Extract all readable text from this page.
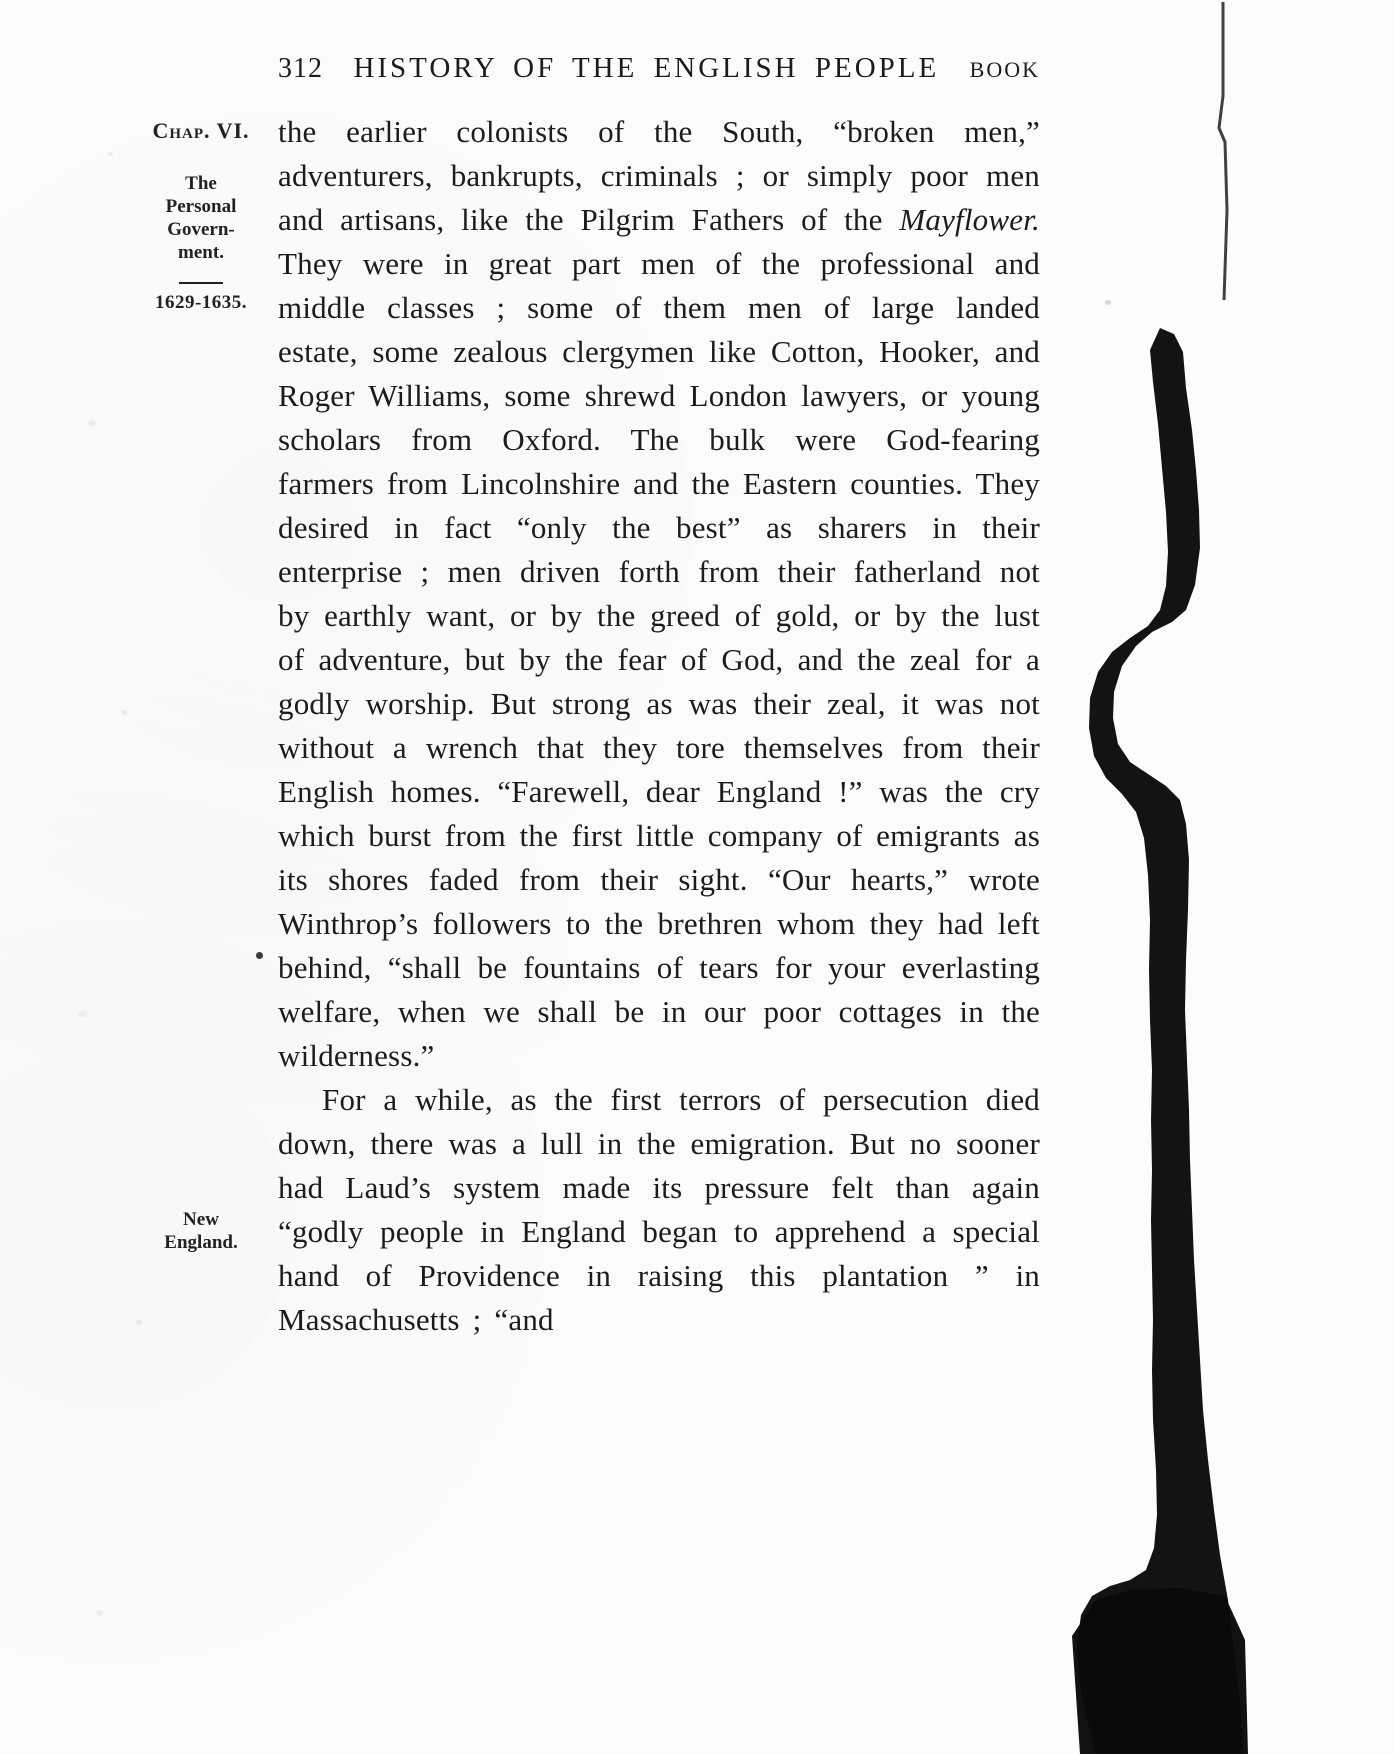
312 HISTORY OF THE ENGLISH PEOPLE BOOK
Chap. VI.
The
Personal
Govern-
ment.
1629-1635.
New
England.

the earlier colonists of the South, “broken men,” adventurers, bankrupts, criminals ; or simply poor men and artisans, like the Pilgrim Fathers of the Mayflower. They were in great part men of the professional and middle classes ; some of them men of large landed estate, some zealous clergymen like Cotton, Hooker, and Roger Williams, some shrewd London lawyers, or young scholars from Oxford. The bulk were God-fearing farmers from Lincolnshire and the Eastern counties. They desired in fact “only the best” as sharers in their enterprise ; men driven forth from their fatherland not by earthly want, or by the greed of gold, or by the lust of adventure, but by the fear of God, and the zeal for a godly worship. But strong as was their zeal, it was not without a wrench that they tore themselves from their English homes. “Farewell, dear England !” was the cry which burst from the first little company of emigrants as its shores faded from their sight. “Our hearts,” wrote Winthrop’s followers to the brethren whom they had left behind, “shall be fountains of tears for your everlasting welfare, when we shall be in our poor cottages in the wilderness.”

For a while, as the first terrors of persecution died down, there was a lull in the emigration. But no sooner had Laud’s system made its pressure felt than again “godly people in England began to apprehend a special hand of Providence in raising this plantation ” in Massachusetts ; “and
